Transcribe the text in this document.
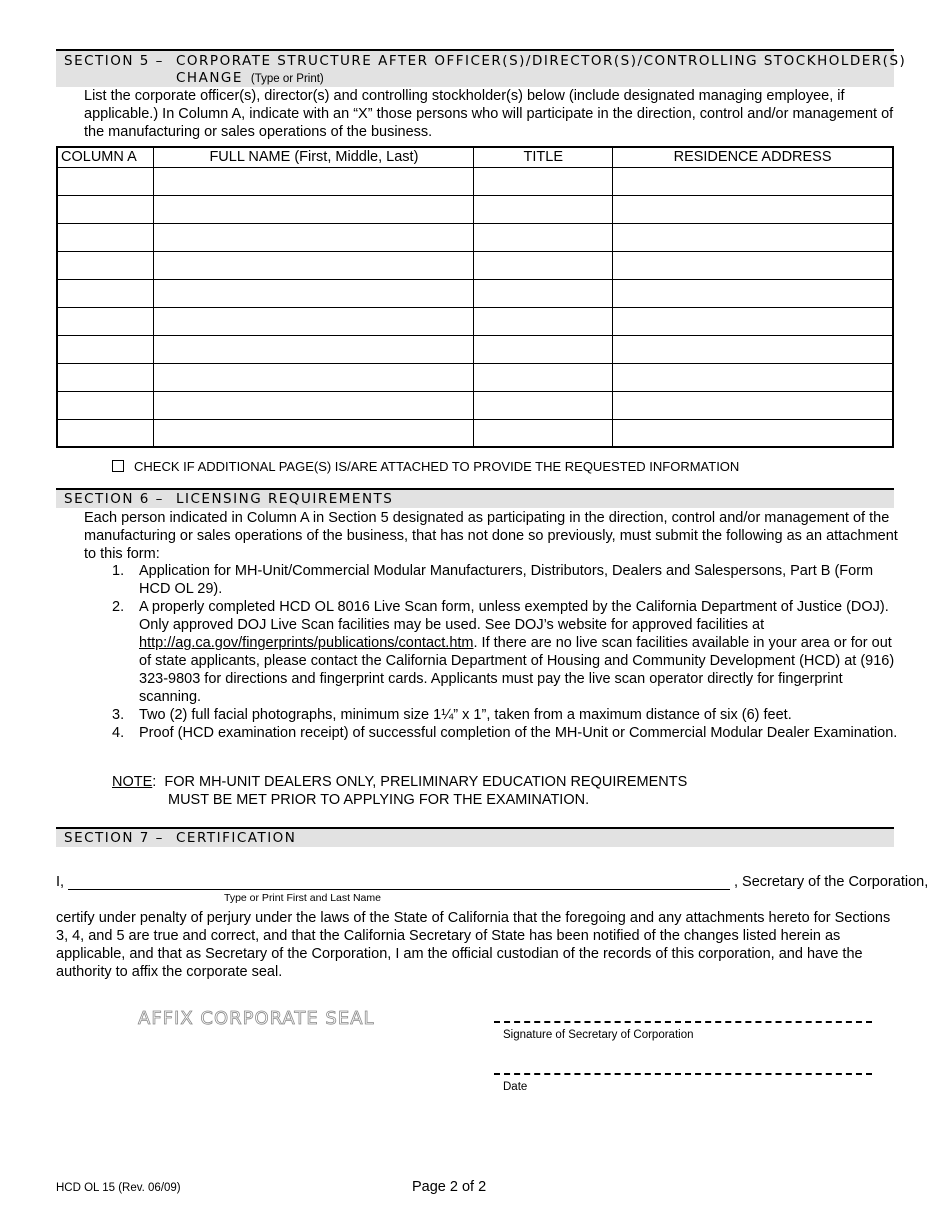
SECTION 5 – CORPORATE STRUCTURE AFTER OFFICER(S)/DIRECTOR(S)/CONTROLLING STOCKHOLDER(S)
CHANGE (Type or Print)
List the corporate officer(s), director(s) and controlling stockholder(s) below (include designated managing employee, if applicable.) In Column A, indicate with an “X” those persons who will participate in the direction, control and/or management of the manufacturing or sales operations of the business.
COLUMN A	FULL NAME (First, Middle, Last)	TITLE	RESIDENCE ADDRESS

CHECK IF ADDITIONAL PAGE(S) IS/ARE ATTACHED TO PROVIDE THE REQUESTED INFORMATION
SECTION 6 – LICENSING REQUIREMENTS
Each person indicated in Column A in Section 5 designated as participating in the direction, control and/or management of the manufacturing or sales operations of the business, that has not done so previously, must submit the following as an attachment to this form:
1. Application for MH-Unit/Commercial Modular Manufacturers, Distributors, Dealers and Salespersons, Part B (Form HCD OL 29).
2. A properly completed HCD OL 8016 Live Scan form, unless exempted by the California Department of Justice (DOJ). Only approved DOJ Live Scan facilities may be used. See DOJ’s website for approved facilities at http://ag.ca.gov/fingerprints/publications/contact.htm. If there are no live scan facilities available in your area or for out of state applicants, please contact the California Department of Housing and Community Development (HCD) at (916) 323-9803 for directions and fingerprint cards. Applicants must pay the live scan operator directly for fingerprint scanning.
3. Two (2) full facial photographs, minimum size 1¼” x 1”, taken from a maximum distance of six (6) feet.
4. Proof (HCD examination receipt) of successful completion of the MH-Unit or Commercial Modular Dealer Examination.
NOTE:  FOR MH-UNIT DEALERS ONLY, PRELIMINARY EDUCATION REQUIREMENTS
MUST BE MET PRIOR TO APPLYING FOR THE EXAMINATION.
SECTION 7 – CERTIFICATION
I,	, Secretary of the Corporation,
Type or Print First and Last Name
certify under penalty of perjury under the laws of the State of California that the foregoing and any attachments hereto for Sections 3, 4, and 5 are true and correct, and that the California Secretary of State has been notified of the changes listed herein as applicable, and that as Secretary of the Corporation, I am the official custodian of the records of this corporation, and have the authority to affix the corporate seal.
AFFIX CORPORATE SEAL
Signature of Secretary of Corporation
Date
HCD OL 15 (Rev. 06/09)	Page 2 of 2
